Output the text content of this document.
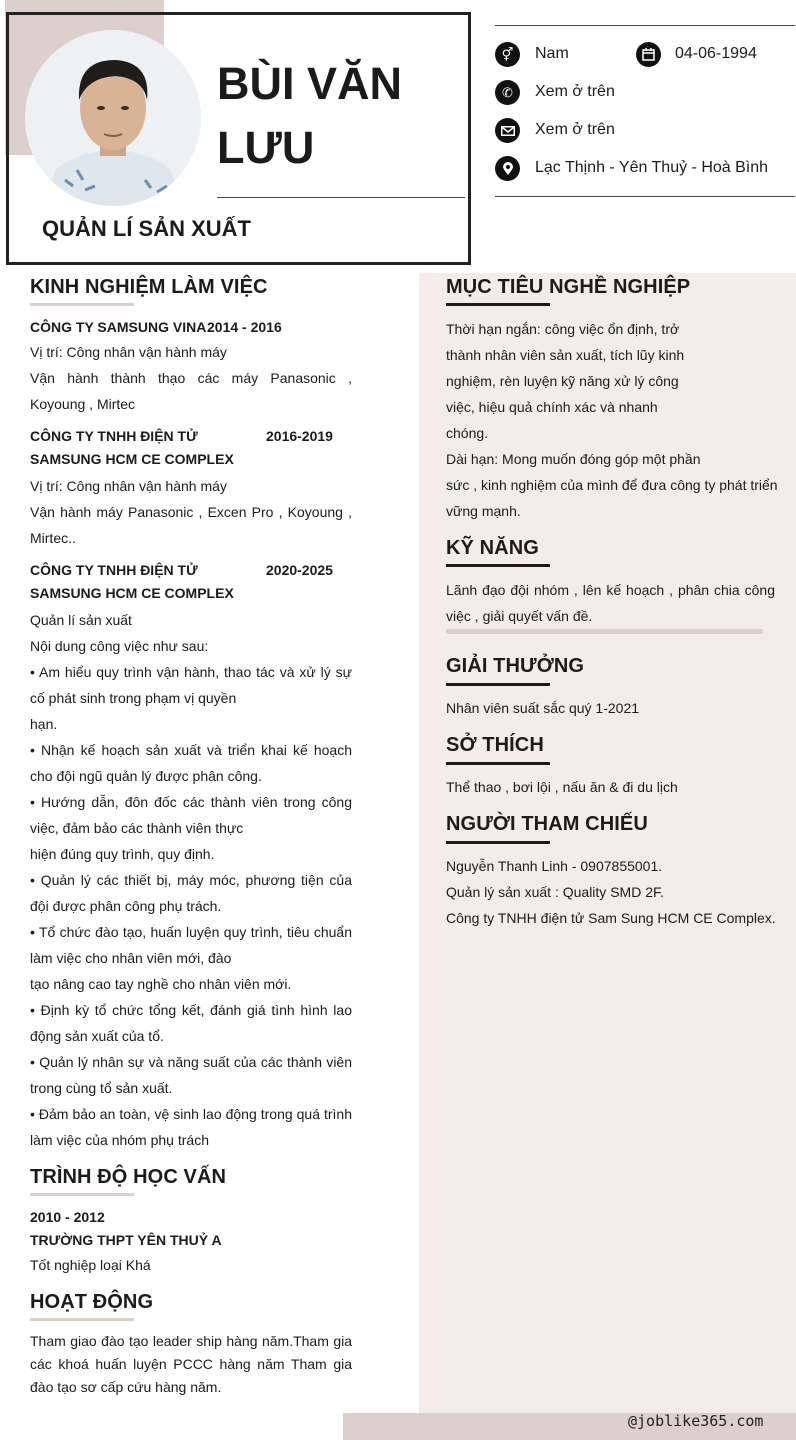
BÙI VĂN LƯU
QUẢN LÍ SẢN XUẤT
⚥	Nam	04-06-1994
✆	Xem ở trên
Xem ở trên
Lạc Thịnh - Yên Thuỷ - Hoà Bình
KINH NGHIỆM LÀM VIỆC
CÔNG TY SAMSUNG VINA 2014 - 2016
Vị trí: Công nhân vận hành máy
Vận hành thành thạo các máy Panasonic , Koyoung , Mirtec
CÔNG TY TNHH ĐIỆN TỬ
SAMSUNG HCM CE COMPLEX
2016-2019
Vị trí: Công nhân vận hành máy
Vận hành máy Panasonic , Excen Pro , Koyoung , Mirtec..
CÔNG TY TNHH ĐIỆN TỬ
SAMSUNG HCM CE COMPLEX
2020-2025
Quản lí sản xuất
Nội dung công việc như sau:
• Am hiểu quy trình vận hành, thao tác và xử lý sự cố phát sinh trong phạm vị quyền
hạn.
• Nhận kế hoạch sản xuất và triển khai kế hoạch cho đội ngũ quản lý được phân công.
• Hướng dẫn, đôn đốc các thành viên trong công việc, đảm bảo các thành viên thực
hiện đúng quy trình, quy định.
• Quản lý các thiết bị, máy móc, phương tiện của đội được phân công phụ trách.
• Tổ chức đào tạo, huấn luyện quy trình, tiêu chuẩn làm việc cho nhân viên mới, đào
tạo nâng cao tay nghề cho nhân viên mới.
• Định kỳ tổ chức tổng kết, đánh giá tình hình lao động sản xuất của tổ.
• Quản lý nhân sự và năng suất của các thành viên trong cùng tổ sản xuất.
• Đảm bảo an toàn, vệ sinh lao động trong quá trình làm việc của nhóm phụ trách
TRÌNH ĐỘ HỌC VẤN
2010 - 2012
TRƯỜNG THPT YÊN THUỶ A
Tốt nghiệp loại Khá
HOẠT ĐỘNG
Tham giao đào tạo leader ship hàng năm.Tham gia các khoá huấn luyện PCCC hàng năm Tham gia đào tạo sơ cấp cứu hàng năm.
MỤC TIÊU NGHỀ NGHIỆP
Thời hạn ngắn: công việc ổn định, trở
thành nhân viên sản xuất, tích lũy kinh
nghiệm, rèn luyện kỹ năng xử lý công
việc, hiệu quả chính xác và nhanh
chóng.
Dài hạn: Mong muốn đóng góp một phần
sức , kinh nghiệm của mình để đưa công ty phát triển
vững mạnh.
KỸ NĂNG
Lãnh đạo đội nhóm , lên kế hoạch , phân chia công việc , giải quyết vấn đề.
GIẢI THƯỞNG
Nhân viên suất sắc quý 1-2021
SỞ THÍCH
Thể thao , bơi lội , nấu ăn & đi du lịch
NGƯỜI THAM CHIẾU
Nguyễn Thanh Linh - 0907855001.
Quản lý sản xuất : Quality SMD 2F.
Công ty TNHH điện tử Sam Sung HCM CE Complex.
@joblike365.com
